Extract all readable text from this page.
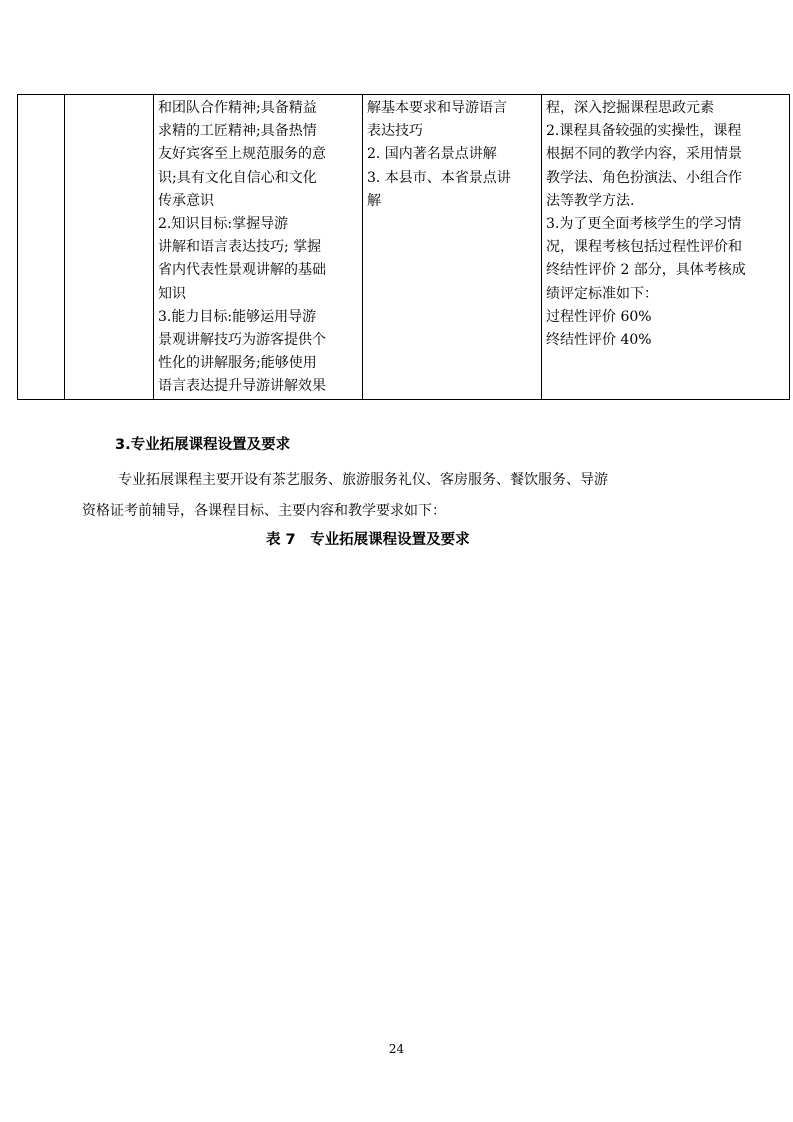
和团队合作精神;具备精益
求精的工匠精神;具备热情
友好宾客至上规范服务的意
识;具有文化自信心和文化
传承意识
2.知识目标:掌握导游
讲解和语言表达技巧; 掌握
省内代表性景观讲解的基础
知识
3.能力目标:能够运用导游
景观讲解技巧为游客提供个
性化的讲解服务;能够使用
语言表达提升导游讲解效果

解基本要求和导游语言
表达技巧
2. 国内著名景点讲解
3. 本县市、本省景点讲
解

程，深入挖掘课程思政元素
2.课程具备较强的实操性，课程
根据不同的教学内容，采用情景
教学法、角色扮演法、小组合作
法等教学方法.
3.为了更全面考核学生的学习情
况，课程考核包括过程性评价和
终结性评价 2 部分，具体考核成
绩评定标准如下：
过程性评价 60%
终结性评价 40%
3.专业拓展课程设置及要求
专业拓展课程主要开设有茶艺服务、旅游服务礼仪、客房服务、餐饮服务、导游
资格证考前辅导，各课程目标、主要内容和教学要求如下：
表 7　专业拓展课程设置及要求
24
